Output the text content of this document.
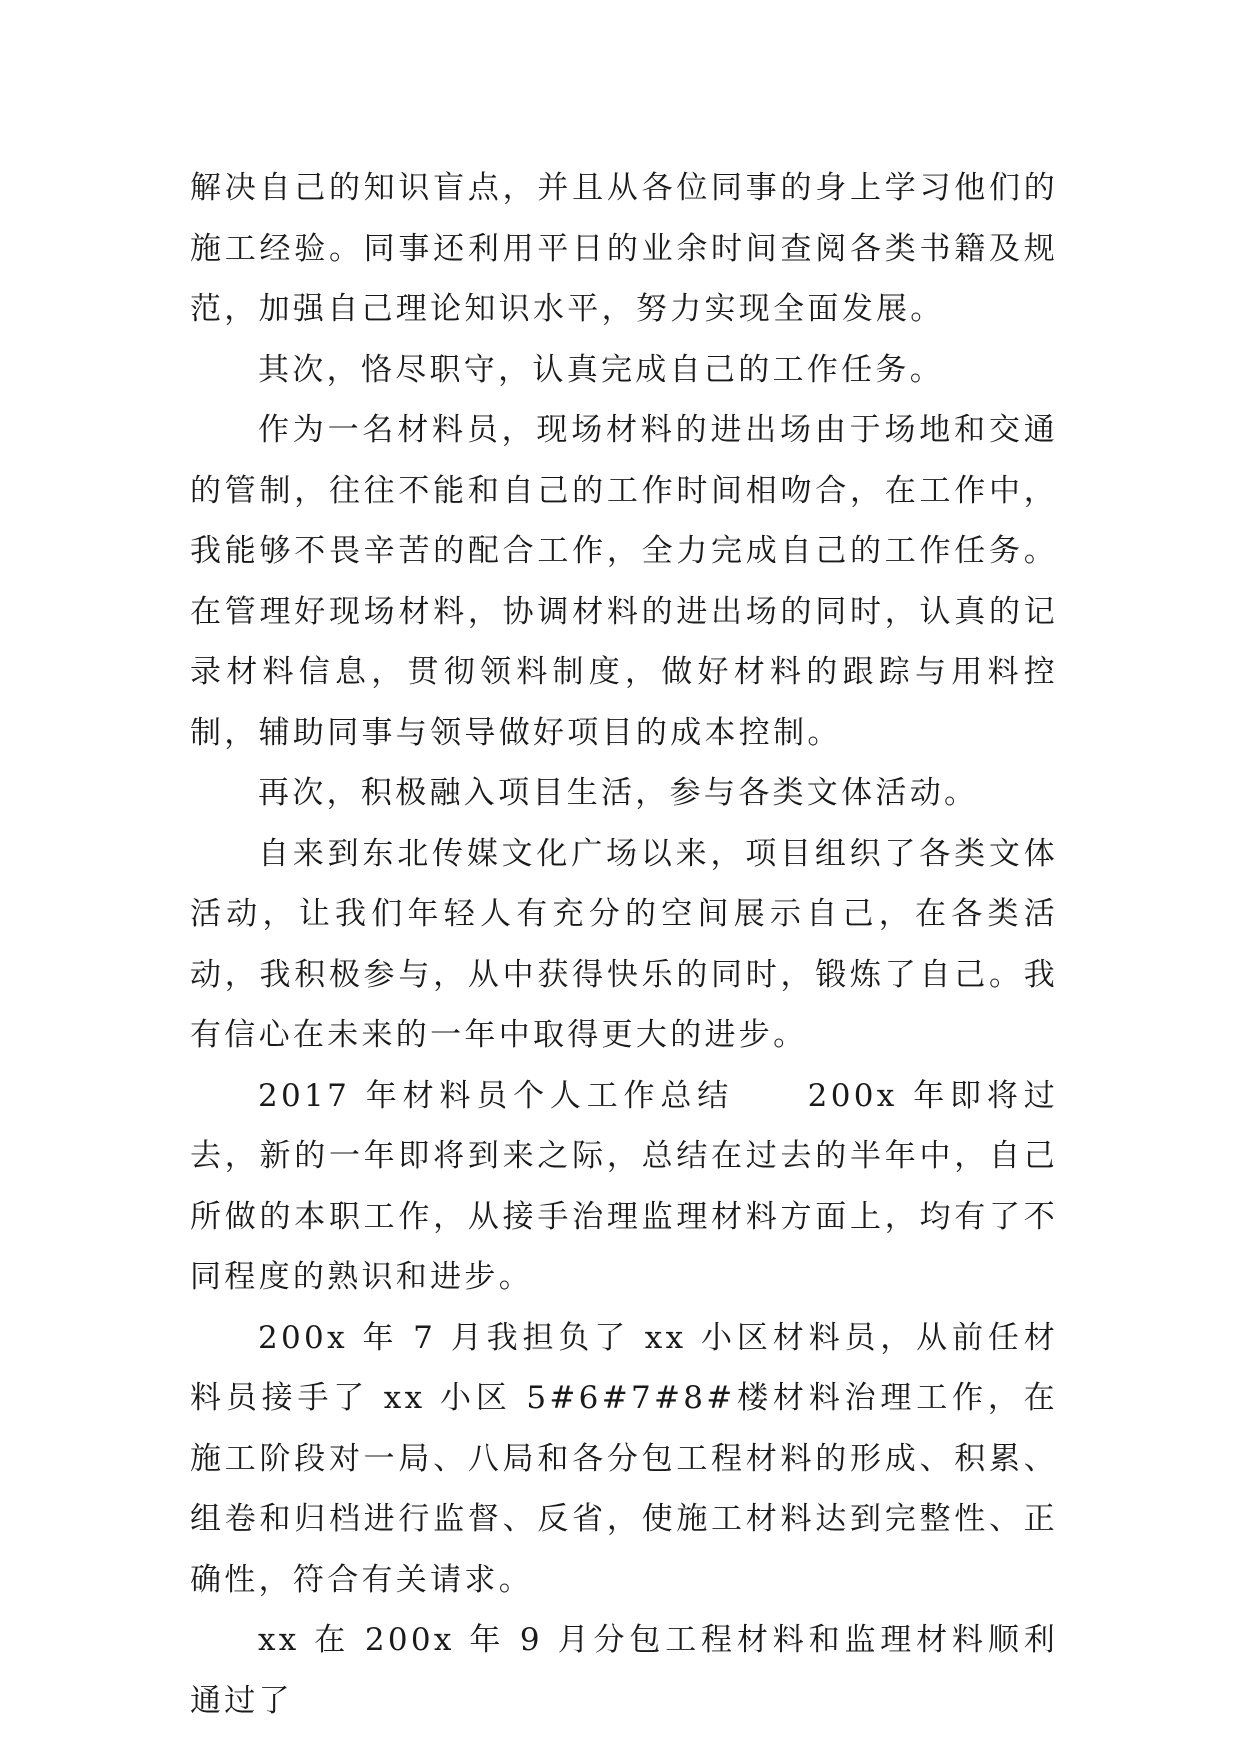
解决自己的知识盲点，并且从各位同事的身上学习他们的施工经验。同事还利用平日的业余时间查阅各类书籍及规范，加强自己理论知识水平，努力实现全面发展。

其次，恪尽职守，认真完成自己的工作任务。

作为一名材料员，现场材料的进出场由于场地和交通的管制，往往不能和自己的工作时间相吻合，在工作中，我能够不畏辛苦的配合工作，全力完成自己的工作任务。在管理好现场材料，协调材料的进出场的同时，认真的记录材料信息，贯彻领料制度，做好材料的跟踪与用料控制，辅助同事与领导做好项目的成本控制。

再次，积极融入项目生活，参与各类文体活动。

自来到东北传媒文化广场以来，项目组织了各类文体活动，让我们年轻人有充分的空间展示自己，在各类活动，我积极参与，从中获得快乐的同时，锻炼了自己。我有信心在未来的一年中取得更大的进步。

2017 年材料员个人工作总结　　200x 年即将过去，新的一年即将到来之际，总结在过去的半年中，自己所做的本职工作，从接手治理监理材料方面上，均有了不同程度的熟识和进步。

200x 年 7 月我担负了 xx 小区材料员，从前任材料员接手了 xx 小区 5#6#7#8#楼材料治理工作，在施工阶段对一局、八局和各分包工程材料的形成、积累、组卷和归档进行监督、反省，使施工材料达到完整性、正确性，符合有关请求。

xx 在 200x 年 9 月分包工程材料和监理材料顺利通过了
